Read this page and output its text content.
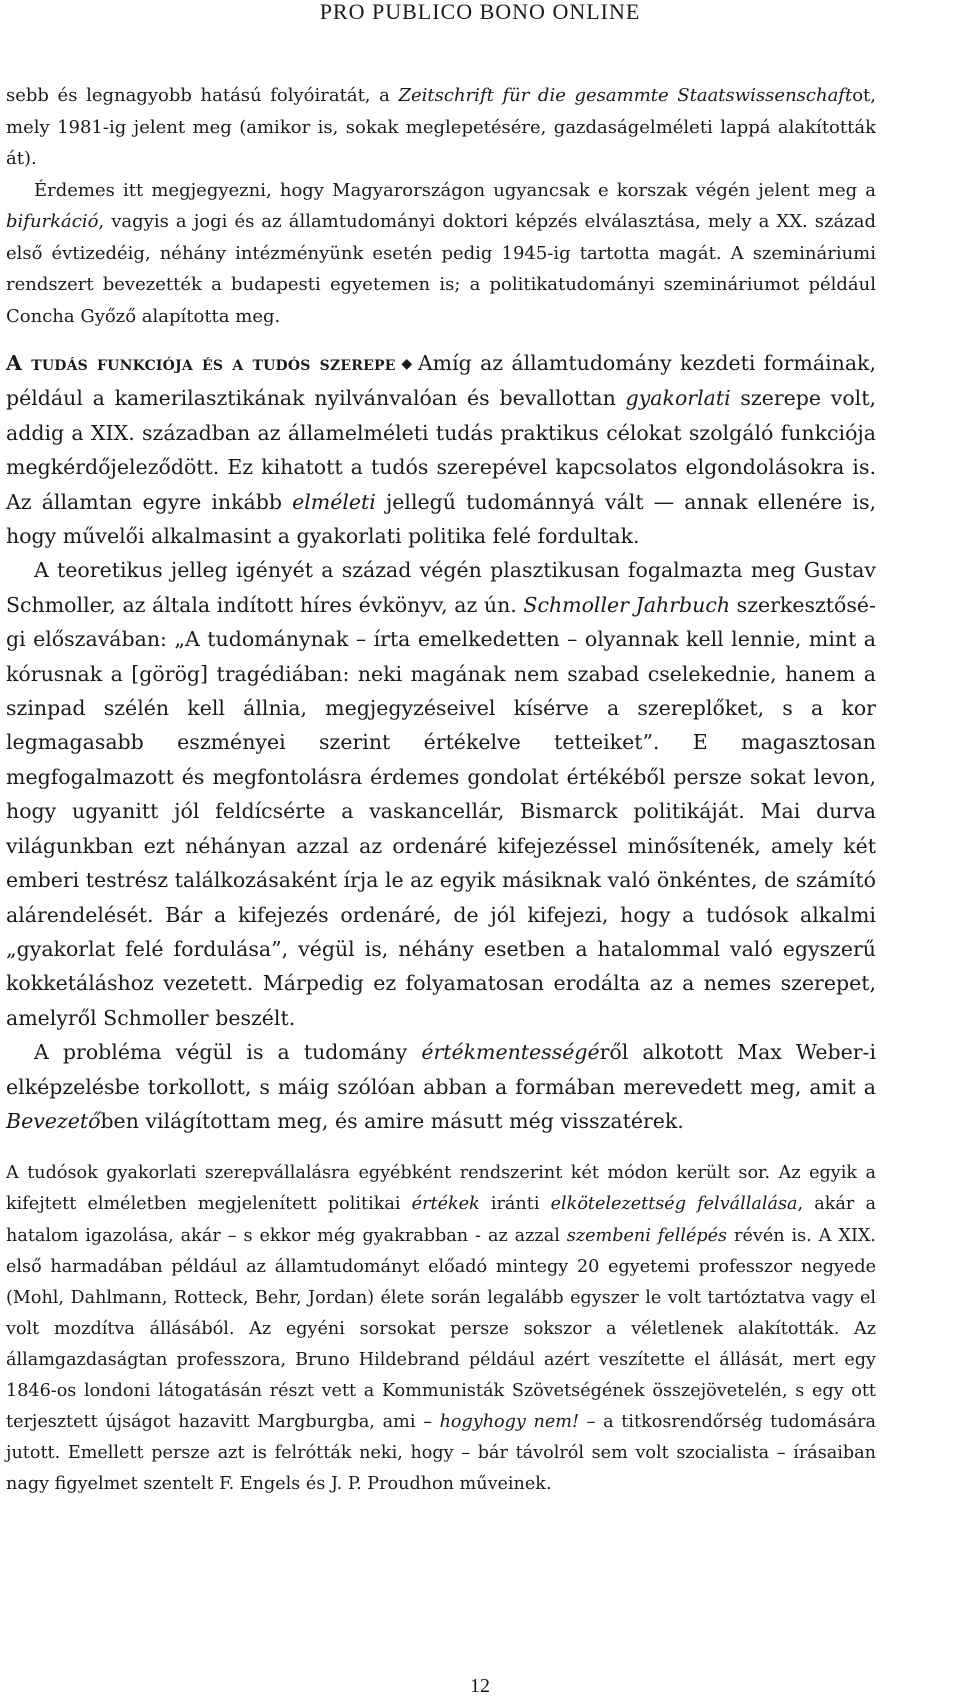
PRO PUBLICO BONO ONLINE

sebb és legnagyobb hatású folyóiratát, a Zeitschrift für die gesammte Staatswissenschaftot, mely 1981-ig jelent meg (amikor is, sokak meglepetésére, gazdaságelméleti lappá alakították át).

Érdemes itt megjegyezni, hogy Magyarországon ugyancsak e korszak végén jelent meg a bifurkáció, vagyis a jogi és az államtudományi doktori képzés elválasztása, mely a XX. század első évtizedéig, néhány intézményünk esetén pedig 1945-ig tartotta magát. A szemináriumi rendszert bevezették a budapesti egyetemen is; a politikatudományi szemináriumot például Concha Győző alapította meg.

A tudás funkciója és a tudós szerepe ◆ Amíg az államtudomány kezdeti formáinak, például a kamerilasztikának nyilvánvalóan és bevallottan gyakorlati szerepe volt, addig a XIX. században az államelméleti tudás praktikus célokat szolgáló funkciója megkérdőjeleződött. Ez kihatott a tudós szerepével kapcsolatos elgondolásokra is. Az államtan egyre inkább elméleti jellegű tudománnyá vált — annak ellenére is, hogy művelői alkalmasint a gyakorlati politika felé fordultak.

A teoretikus jelleg igényét a század végén plasztikusan fogalmazta meg Gustav Schmoller, az általa indított híres évkönyv, az ún. Schmoller Jahrbuch szerkesztőségi előszavában: „A tudománynak – írta emelkedetten – olyannak kell lennie, mint a kórusnak a [görög] tragédiában: neki magának nem szabad cselekednie, hanem a szinpad szélén kell állnia, megjegyzéseivel kísérve a szereplőket, s a kor legmagasabb eszményei szerint értékelve tetteiket”. E magasztosan megfogalmazott és megfontolásra érdemes gondolat értékéből persze sokat levon, hogy ugyanitt jól feldícsérte a vaskancellár, Bismarck politikáját. Mai durva világunkban ezt néhányan azzal az ordenáré kifejezéssel minősítenék, amely két emberi testrész találkozásaként írja le az egyik másiknak való önkéntes, de számító alárendelését. Bár a kifejezés ordenáré, de jól kifejezi, hogy a tudósok alkalmi „gyakorlat felé fordulása”, végül is, néhány esetben a hatalommal való egyszerű kokketáláshoz vezetett. Márpedig ez folyamatosan erodálta az a nemes szerepet, amelyről Schmoller beszélt.

A probléma végül is a tudomány értékmentességéről alkotott Max Weber-i elképzelésbe torkollott, s máig szólóan abban a formában merevedett meg, amit a Bevezetőben világítottam meg, és amire másutt még visszatérek.

A tudósok gyakorlati szerepvállalásra egyébként rendszerint két módon került sor. Az egyik a kifejtett elméletben megjelenített politikai értékek iránti elkötelezettség felvállalása, akár a hatalom igazolása, akár – s ekkor még gyakrabban - az azzal szembeni fellépés révén is. A XIX. első harmadában például az államtudományt előadó mintegy 20 egyetemi professzor negyede (Mohl, Dahlmann, Rotteck, Behr, Jordan) élete során legalább egyszer le volt tartóztatva vagy el volt mozdítva állásából. Az egyéni sorsokat persze sokszor a véletlenek alakították. Az államgazdaságtan professzora, Bruno Hildebrand például azért veszítette el állását, mert egy 1846-os londoni látogatásán részt vett a Kommunisták Szövetségének összejövetelén, s egy ott terjesztett újságot hazavitt Margburgba, ami – hogyhogy nem! – a titkosrendőrség tudomására jutott. Emellett persze azt is felrótták neki, hogy – bár távolról sem volt szocialista – írásaiban nagy figyelmet szentelt F. Engels és J. P. Proudhon műveinek.

12
